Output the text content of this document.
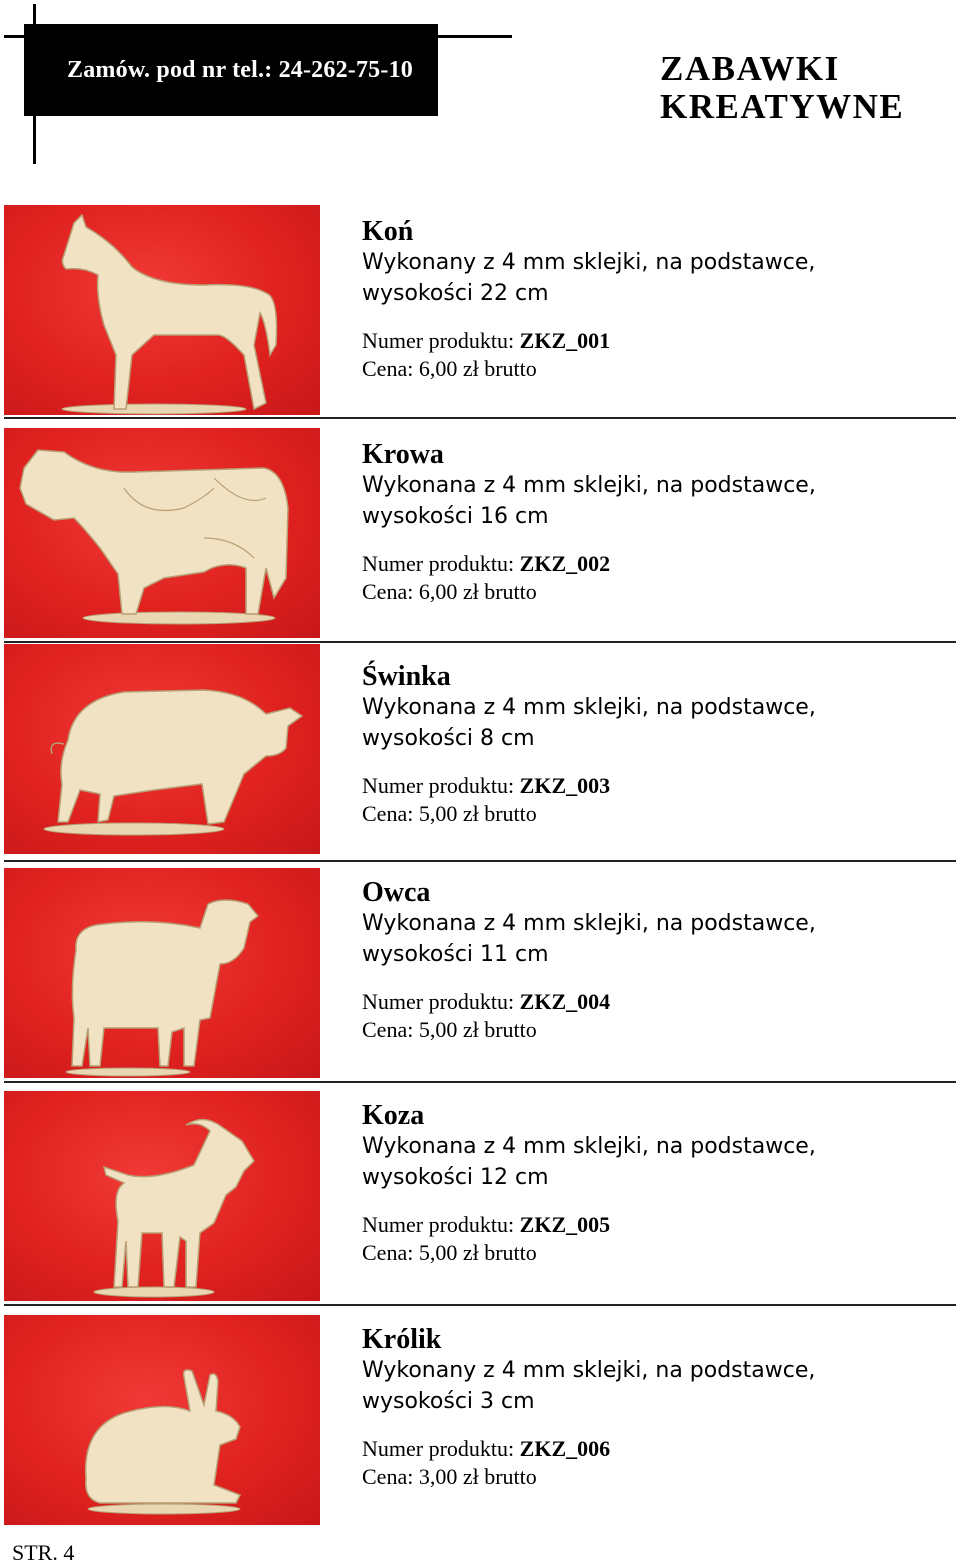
Zamów. pod nr tel.: 24-262-75-10	ZABAWKI
KREATYWNE
Koń
Wykonany z 4 mm sklejki, na podstawce,
wysokości 22 cm
Numer produktu: ZKZ_001
Cena: 6,00 zł brutto
Krowa
Wykonana z 4 mm sklejki, na podstawce,
wysokości 16 cm
Numer produktu: ZKZ_002
Cena: 6,00 zł brutto
Świnka
Wykonana z 4 mm sklejki, na podstawce,
wysokości 8 cm
Numer produktu: ZKZ_003
Cena: 5,00 zł brutto
Owca
Wykonana z 4 mm sklejki, na podstawce,
wysokości 11 cm
Numer produktu: ZKZ_004
Cena: 5,00 zł brutto
Koza
Wykonana z 4 mm sklejki, na podstawce,
wysokości 12 cm
Numer produktu: ZKZ_005
Cena: 5,00 zł brutto
Królik
Wykonany z 4 mm sklejki, na podstawce,
wysokości 3 cm
Numer produktu: ZKZ_006
Cena: 3,00 zł brutto
STR. 4
